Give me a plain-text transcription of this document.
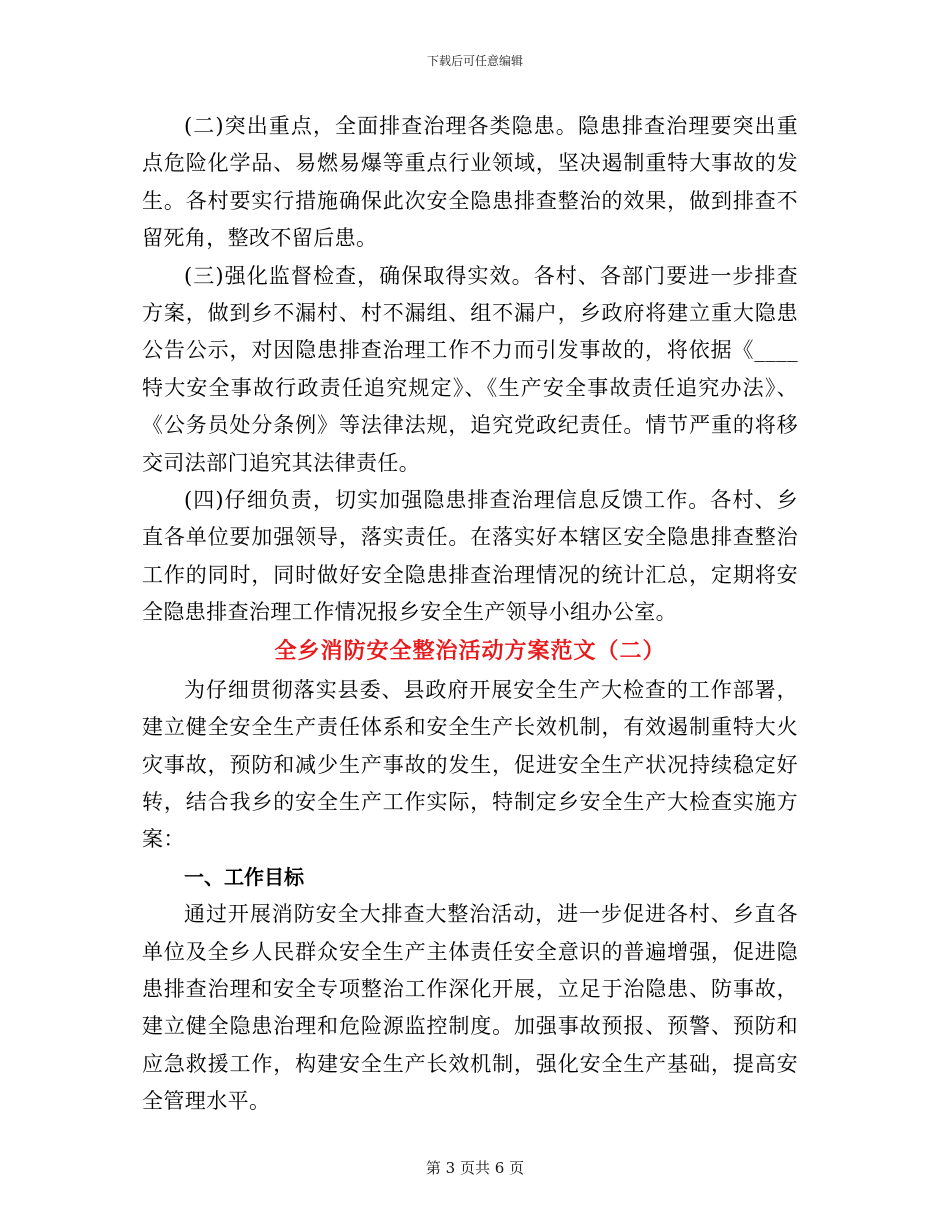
下载后可任意编辑

(二)突出重点，全面排查治理各类隐患。隐患排查治理要突出重点危险化学品、易燃易爆等重点行业领域，坚决遏制重特大事故的发生。各村要实行措施确保此次安全隐患排查整治的效果，做到排查不留死角，整改不留后患。

(三)强化监督检查，确保取得实效。各村、各部门要进一步排查方案，做到乡不漏村、村不漏组、组不漏户，乡政府将建立重大隐患公告公示，对因隐患排查治理工作不力而引发事故的，将依据《____特大安全事故行政责任追究规定》、《生产安全事故责任追究办法》、《公务员处分条例》等法律法规，追究党政纪责任。情节严重的将移交司法部门追究其法律责任。

(四)仔细负责，切实加强隐患排查治理信息反馈工作。各村、乡直各单位要加强领导，落实责任。在落实好本辖区安全隐患排查整治工作的同时，同时做好安全隐患排查治理情况的统计汇总，定期将安全隐患排查治理工作情况报乡安全生产领导小组办公室。

全乡消防安全整治活动方案范文（二）

为仔细贯彻落实县委、县政府开展安全生产大检查的工作部署，建立健全安全生产责任体系和安全生产长效机制，有效遏制重特大火灾事故，预防和减少生产事故的发生，促进安全生产状况持续稳定好转，结合我乡的安全生产工作实际，特制定乡安全生产大检查实施方案：

一、工作目标

通过开展消防安全大排查大整治活动，进一步促进各村、乡直各单位及全乡人民群众安全生产主体责任安全意识的普遍增强，促进隐患排查治理和安全专项整治工作深化开展，立足于治隐患、防事故，建立健全隐患治理和危险源监控制度。加强事故预报、预警、预防和应急救援工作，构建安全生产长效机制，强化安全生产基础，提高安全管理水平。

第 3 页共 6 页
